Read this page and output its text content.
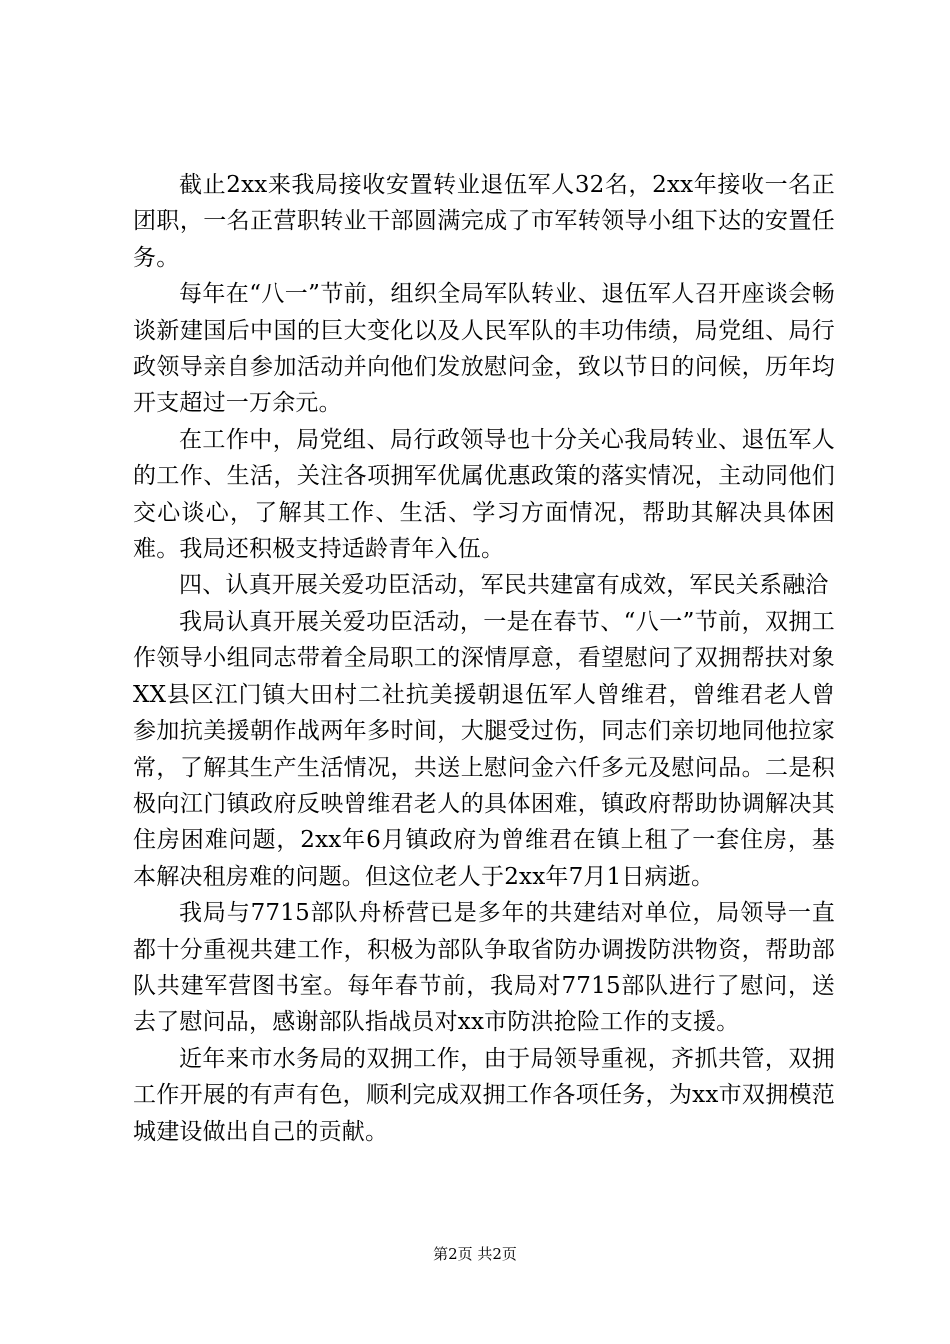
截止2xx来我局接收安置转业退伍军人32名，2xx年接收一名正团职，一名正营职转业干部圆满完成了市军转领导小组下达的安置任务。

每年在“八一”节前，组织全局军队转业、退伍军人召开座谈会畅谈新建国后中国的巨大变化以及人民军队的丰功伟绩，局党组、局行政领导亲自参加活动并向他们发放慰问金，致以节日的问候，历年均开支超过一万余元。

在工作中，局党组、局行政领导也十分关心我局转业、退伍军人的工作、生活，关注各项拥军优属优惠政策的落实情况，主动同他们交心谈心，了解其工作、生活、学习方面情况，帮助其解决具体困难。我局还积极支持适龄青年入伍。

四、认真开展关爱功臣活动，军民共建富有成效，军民关系融洽

我局认真开展关爱功臣活动，一是在春节、“八一”节前，双拥工作领导小组同志带着全局职工的深情厚意，看望慰问了双拥帮扶对象XX县区江门镇大田村二社抗美援朝退伍军人曾维君，曾维君老人曾参加抗美援朝作战两年多时间，大腿受过伤，同志们亲切地同他拉家常，了解其生产生活情况，共送上慰问金六仟多元及慰问品。二是积极向江门镇政府反映曾维君老人的具体困难，镇政府帮助协调解决其住房困难问题，2xx年6月镇政府为曾维君在镇上租了一套住房，基本解决租房难的问题。但这位老人于2xx年7月1日病逝。

我局与7715部队舟桥营已是多年的共建结对单位，局领导一直都十分重视共建工作，积极为部队争取省防办调拨防洪物资，帮助部队共建军营图书室。每年春节前，我局对7715部队进行了慰问，送去了慰问品，感谢部队指战员对xx市防洪抢险工作的支援。

近年来市水务局的双拥工作，由于局领导重视，齐抓共管，双拥工作开展的有声有色，顺利完成双拥工作各项任务，为xx市双拥模范城建设做出自己的贡献。

第2页 共2页
